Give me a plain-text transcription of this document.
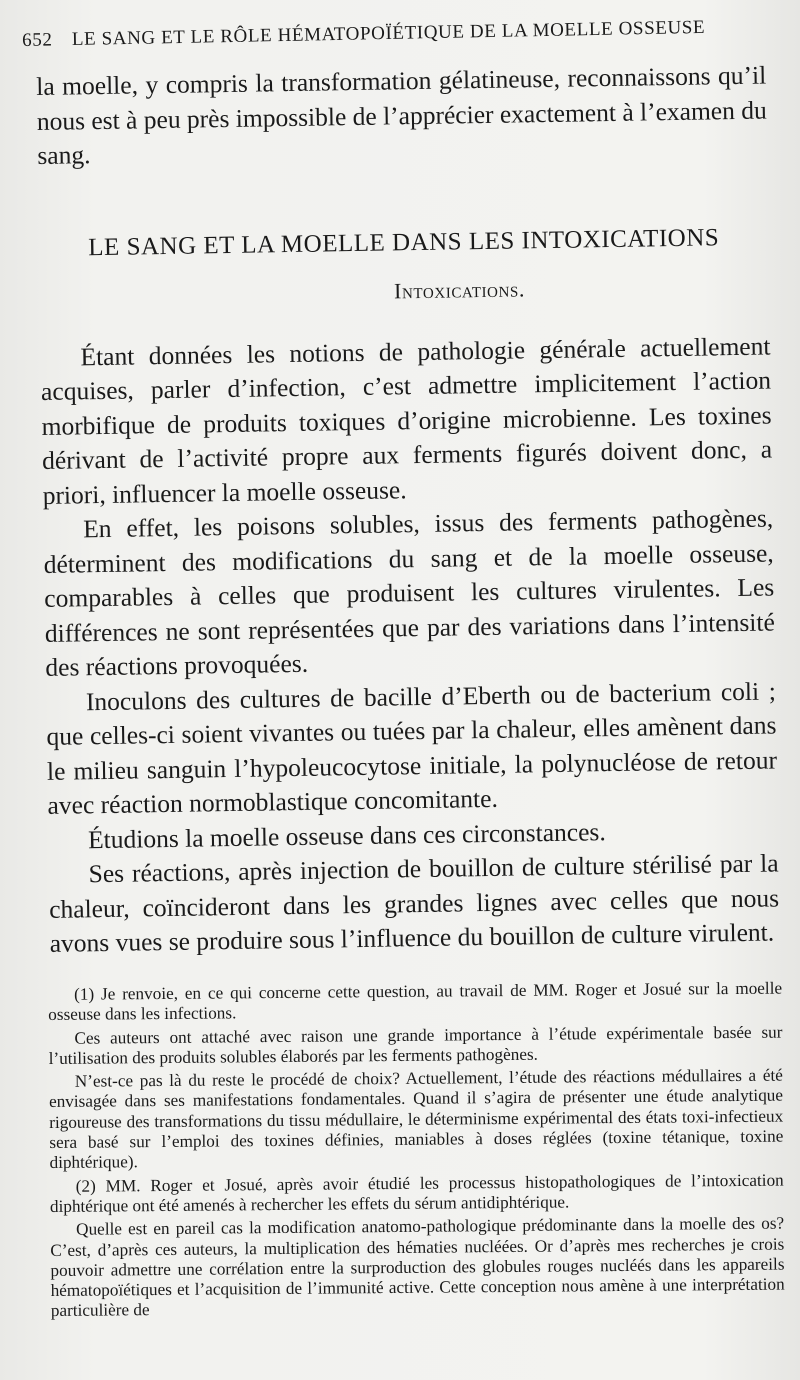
652 LE SANG ET LE RÔLE HÉMATOPOÏÉTIQUE DE LA MOELLE OSSEUSE

la moelle, y compris la transformation gélatineuse, reconnaissons qu’il nous est à peu près impossible de l’apprécier exactement à l’examen du sang.

LE SANG ET LA MOELLE DANS LES INTOXICATIONS
Intoxications.

Étant données les notions de pathologie générale actuellement acquises, parler d’infection, c’est admettre implicitement l’action morbifique de produits toxiques d’origine microbienne. Les toxines dérivant de l’activité propre aux ferments figurés doivent donc, a priori, influencer la moelle osseuse.

En effet, les poisons solubles, issus des ferments pathogènes, déterminent des modifications du sang et de la moelle osseuse, comparables à celles que produisent les cultures virulentes. Les différences ne sont représentées que par des variations dans l’intensité des réactions provoquées.

Inoculons des cultures de bacille d’Eberth ou de bacterium coli ; que celles-ci soient vivantes ou tuées par la chaleur, elles amènent dans le milieu sanguin l’hypoleucocytose initiale, la polynucléose de retour avec réaction normoblastique concomitante.

Étudions la moelle osseuse dans ces circonstances.

Ses réactions, après injection de bouillon de culture stérilisé par la chaleur, coïncideront dans les grandes lignes avec celles que nous avons vues se produire sous l’influence du bouillon de culture virulent.

(1) Je renvoie, en ce qui concerne cette question, au travail de MM. Roger et Josué sur la moelle osseuse dans les infections.

Ces auteurs ont attaché avec raison une grande importance à l’étude expérimentale basée sur l’utilisation des produits solubles élaborés par les ferments pathogènes.

N’est-ce pas là du reste le procédé de choix? Actuellement, l’étude des réactions médullaires a été envisagée dans ses manifestations fondamentales. Quand il s’agira de présenter une étude analytique rigoureuse des transformations du tissu médullaire, le déterminisme expérimental des états toxi-infectieux sera basé sur l’emploi des toxines définies, maniables à doses réglées (toxine tétanique, toxine diphtérique).

(2) MM. Roger et Josué, après avoir étudié les processus histopathologiques de l’intoxication diphtérique ont été amenés à rechercher les effets du sérum antidiphtérique.

Quelle est en pareil cas la modification anatomo-pathologique prédominante dans la moelle des os? C’est, d’après ces auteurs, la multiplication des hématies nucléées. Or d’après mes recherches je crois pouvoir admettre une corrélation entre la surproduction des globules rouges nucléés dans les appareils hématopoïétiques et l’acquisition de l’immunité active. Cette conception nous amène à une interprétation particulière de
